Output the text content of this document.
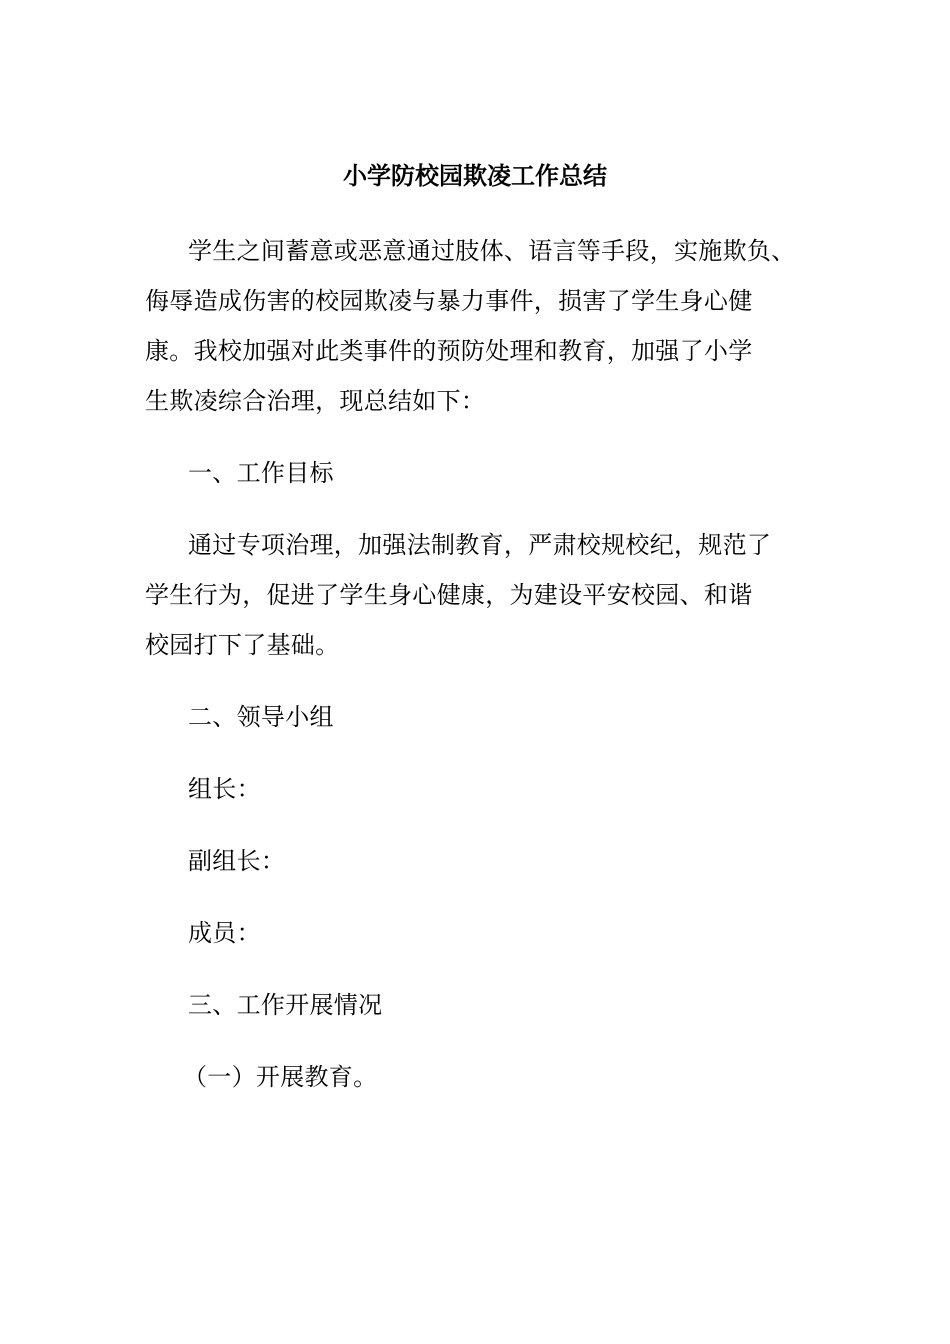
小学防校园欺凌工作总结
学生之间蓄意或恶意通过肢体、语言等手段，实施欺负、
侮辱造成伤害的校园欺凌与暴力事件，损害了学生身心健
康。我校加强对此类事件的预防处理和教育，加强了小学
生欺凌综合治理，现总结如下：
一、工作目标
通过专项治理，加强法制教育，严肃校规校纪，规范了
学生行为，促进了学生身心健康，为建设平安校园、和谐
校园打下了基础。
二、领导小组
组长：
副组长：
成员：
三、工作开展情况
（一）开展教育。
